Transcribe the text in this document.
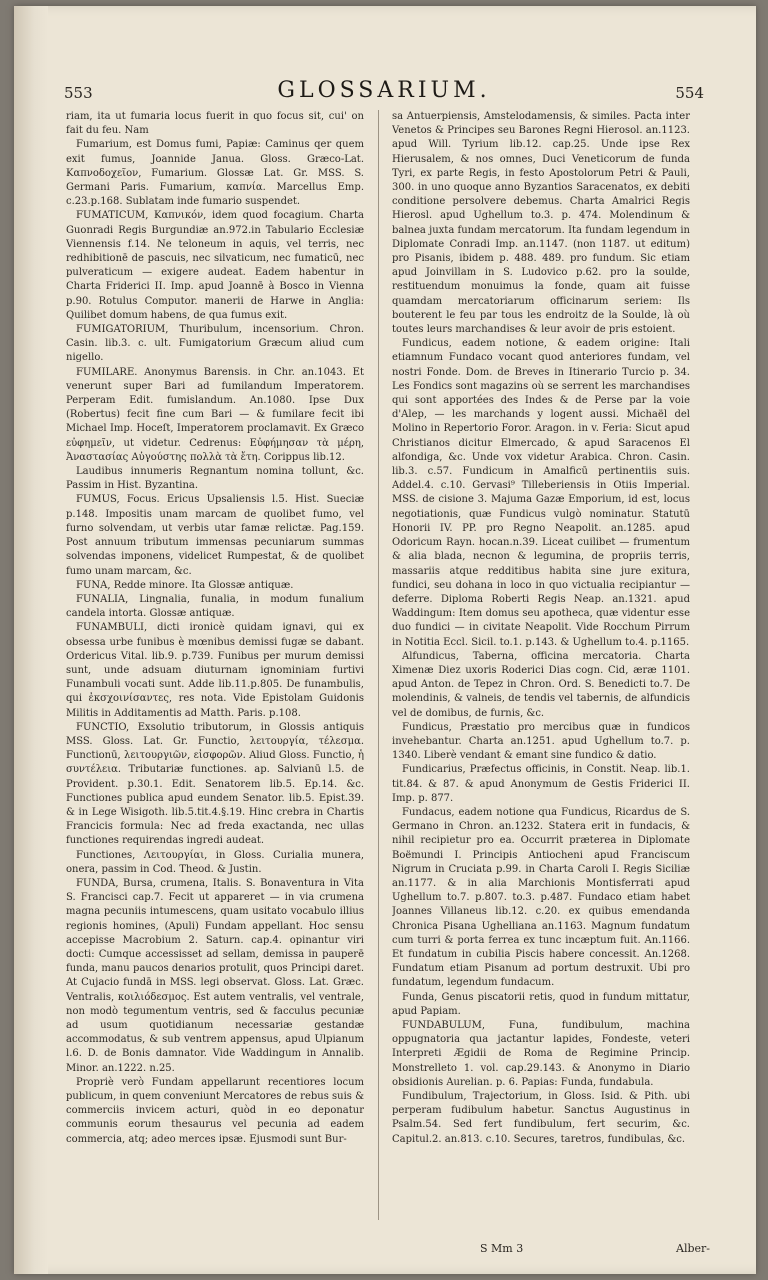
553	GLOSSARIUM.	554

riam, ita ut fumaria locus fuerit in quo focus sit, cui' on fait du feu. Nam

Fumarium, est Domus fumi, Papiæ: Caminus qer quem exit fumus, Joannide Janua. Gloss. Græco-Lat. Καπνοδοχεῖον, Fumarium. Glossæ Lat. Gr. MSS. S. Germani Paris. Fumarium, καπνία. Marcellus Emp. c.23.p.168. Sublatam inde fumario suspendet.

FUMATICUM, Καπνικόν, idem quod focagium. Charta Guonradi Regis Burgundiæ an.972.in Tabulario Ecclesiæ Viennensis f.14. Ne teloneum in aquis, vel terris, nec redhibitionē de pascuis, nec silvaticum, nec fumaticū, nec pulveraticum — exigere audeat. Eadem habentur in Charta Friderici II. Imp. apud Joannē à Bosco in Vienna p.90. Rotulus Computor. manerii de Harwe in Anglia: Quilibet domum habens, de qua fumus exit.

FUMIGATORIUM, Thuribulum, incensorium. Chron. Casin. lib.3. c. ult. Fumigatorium Græcum aliud cum nigello.

FUMILARE. Anonymus Barensis. in Chr. an.1043. Et venerunt super Bari ad fumilandum Imperatorem. Perperam Edit. fumislandum. An.1080. Ipse Dux (Robertus) fecit fine cum Bari — & fumilare fecit ibi Michael Imp. Hoceſt, Imperatorem proclamavit. Ex Græco εὐφημεῖν, ut videtur. Cedrenus: Εὐφήμησαν τὰ μέρη, Ἀναστασίας Αὐγούστης πολλὰ τὰ ἔτη. Corippus lib.12.

Laudibus innumeris Regnantum nomina tollunt, &c. Passim in Hist. Byzantina.

FUMUS, Focus. Ericus Upsaliensis l.5. Hist. Sueciæ p.148. Impositis unam marcam de quolibet fumo, vel furno solvendam, ut verbis utar famæ relictæ. Pag.159. Post annuum tributum immensas pecuniarum summas solvendas imponens, videlicet Rumpestat, & de quolibet fumo unam marcam, &c.

FUNA, Redde minore. Ita Glossæ antiquæ.

FUNALIA, Lingnalia, funalia, in modum funalium candela intorta. Glossæ antiquæ.

FUNAMBULI, dicti ironicè quidam ignavi, qui ex obsessa urbe funibus è mœnibus demissi fugæ se dabant. Ordericus Vital. lib.9. p.739. Funibus per murum demissi sunt, unde adsuam diuturnam ignominiam furtivi Funambuli vocati sunt. Adde lib.11.p.805. De funambulis, qui ἐκσχοινίσαντες, res nota. Vide Epistolam Guidonis Militis in Additamentis ad Matth. Paris. p.108.

FUNCTIO, Exsolutio tributorum, in Glossis antiquis MSS. Gloss. Lat. Gr. Functio, λειτουργία, τέλεσμα. Functionū, λειτουργιῶν, εἰσφορῶν. Aliud Gloss. Functio, ἡ συντέλεια. Tributariæ functiones. ap. Salvianū l.5. de Provident. p.30.1. Edit. Senatorem lib.5. Ep.14. &c. Functiones publica apud eundem Senator. lib.5. Epist.39. & in Lege Wisigoth. lib.5.tit.4.§.19. Hinc crebra in Chartis Francicis formula: Nec ad freda exactanda, nec ullas functiones requirendas ingredi audeat.

Functiones, Λειτουργίαι, in Gloss. Curialia munera, onera, passim in Cod. Theod. & Justin.

FUNDA, Bursa, crumena, Italis. S. Bonaventura in Vita S. Francisci cap.7. Fecit ut appareret — in via crumena magna pecuniis intumescens, quam usitato vocabulo illius regionis homines, (Apuli) Fundam appellant. Hoc sensu accepisse Macrobium 2. Saturn. cap.4. opinantur viri docti: Cumque accessisset ad sellam, demissa in pauperē funda, manu paucos denarios protulit, quos Principi daret. At Cujacio fundā in MSS. legi observat. Gloss. Lat. Græc. Ventralis, κοιλιόδεσμος. Est autem ventralis, vel ventrale, non modò tegumentum ventris, sed & facculus pecuniæ ad usum quotidianum necessariæ gestandæ accommodatus, & sub ventrem appensus, apud Ulpianum l.6. D. de Bonis damnator. Vide Waddingum in Annalib. Minor. an.1222. n.25.

Propriè verò Fundam appellarunt recentiores locum publicum, in quem conveniunt Mercatores de rebus suis & commerciis invicem acturi, quòd in eo deponatur communis eorum thesaurus vel pecunia ad eadem commercia, atq; adeo merces ipsæ. Ejusmodi sunt Bur-

sa Antuerpiensis, Amstelodamensis, & similes. Pacta inter Venetos & Principes seu Barones Regni Hierosol. an.1123. apud Will. Tyrium lib.12. cap.25. Unde ipse Rex Hierusalem, & nos omnes, Duci Veneticorum de funda Tyri, ex parte Regis, in festo Apostolorum Petri & Pauli, 300. in uno quoque anno Byzantios Saracenatos, ex debiti conditione persolvere debemus. Charta Amalrici Regis Hierosl. apud Ughellum to.3. p. 474. Molendinum & balnea juxta fundam mercatorum. Ita fundam legendum in Diplomate Conradi Imp. an.1147. (non 1187. ut editum) pro Pisanis, ibidem p. 488. 489. pro fundum. Sic etiam apud Joinvillam in S. Ludovico p.62. pro la soulde, restituendum monuimus la fonde, quam ait fuisse quamdam mercatoriarum officinarum seriem: Ils bouterent le feu par tous les endroitz de la Soulde, là où toutes leurs marchandises & leur avoir de pris estoient.

Fundicus, eadem notione, & eadem origine: Itali etiamnum Fundaco vocant quod anteriores fundam, vel nostri Fonde. Dom. de Breves in Itinerario Turcio p. 34. Les Fondics sont magazins où se serrent les marchandises qui sont apportées des Indes & de Perse par la voie d'Alep, — les marchands y logent aussi. Michaël del Molino in Repertorio Foror. Aragon. in v. Feria: Sicut apud Christianos dicitur Elmercado, & apud Saracenos El alfondiga, &c. Unde vox videtur Arabica. Chron. Casin. lib.3. c.57. Fundicum in Amalficū pertinentiis suis. Addel.4. c.10. Gervasi⁹ Tilleberiensis in Otiis Imperial. MSS. de cisione 3. Majuma Gazæ Emporium, id est, locus negotiationis, quæ Fundicus vulgò nominatur. Statutū Honorii IV. PP. pro Regno Neapolit. an.1285. apud Odoricum Rayn. hocan.n.39. Liceat cuilibet — frumentum & alia blada, necnon & legumina, de propriis terris, massariis atque redditibus habita sine jure exitura, fundici, seu dohana in loco in quo victualia recipiantur — deferre. Diploma Roberti Regis Neap. an.1321. apud Waddingum: Item domus seu apotheca, quæ videntur esse duo fundici — in civitate Neapolit. Vide Rocchum Pirrum in Notitia Eccl. Sicil. to.1. p.143. & Ughellum to.4. p.1165.

Alfundicus, Taberna, officina mercatoria. Charta Ximenæ Diez uxoris Roderici Dias cogn. Cid, æræ 1101. apud Anton. de Tepez in Chron. Ord. S. Benedicti to.7. De molendinis, & valneis, de tendis vel tabernis, de alfundicis vel de domibus, de furnis, &c.

Fundicus, Præstatio pro mercibus quæ in fundicos invehebantur. Charta an.1251. apud Ughellum to.7. p. 1340. Liberè vendant & emant sine fundico & datio.

Fundicarius, Præfectus officinis, in Constit. Neap. lib.1. tit.84. & 87. & apud Anonymum de Gestis Friderici II. Imp. p. 877.

Fundacus, eadem notione qua Fundicus, Ricardus de S. Germano in Chron. an.1232. Statera erit in fundacis, & nihil recipietur pro ea. Occurrit præterea in Diplomate Boëmundi I. Principis Antiocheni apud Franciscum Nigrum in Cruciata p.99. in Charta Caroli I. Regis Siciliæ an.1177. & in alia Marchionis Montisferrati apud Ughellum to.7. p.807. to.3. p.487. Fundaco etiam habet Joannes Villaneus lib.12. c.20. ex quibus emendanda Chronica Pisana Ughelliana an.1163. Magnum fundatum cum turri & porta ferrea ex tunc incæptum fuit. An.1166. Et fundatum in cubilia Piscis habere concessit. An.1268. Fundatum etiam Pisanum ad portum destruxit. Ubi pro fundatum, legendum fundacum.

Funda, Genus piscatorii retis, quod in fundum mittatur, apud Papiam.

FUNDABULUM, Funa, fundibulum, machina oppugnatoria qua jactantur lapides, Fondeste, veteri Interpreti Ægidii de Roma de Regimine Princip. Monstrelleto 1. vol. cap.29.143. & Anonymo in Diario obsidionis Aurelian. p. 6. Papias: Funda, fundabula.

Fundibulum, Trajectorium, in Gloss. Isid. & Pith. ubi perperam fudibulum habetur. Sanctus Augustinus in Psalm.54. Sed fert fundibulum, fert securim, &c. Capitul.2. an.813. c.10. Secures, taretros, fundibulas, &c.

S Mm 3	Alber-
